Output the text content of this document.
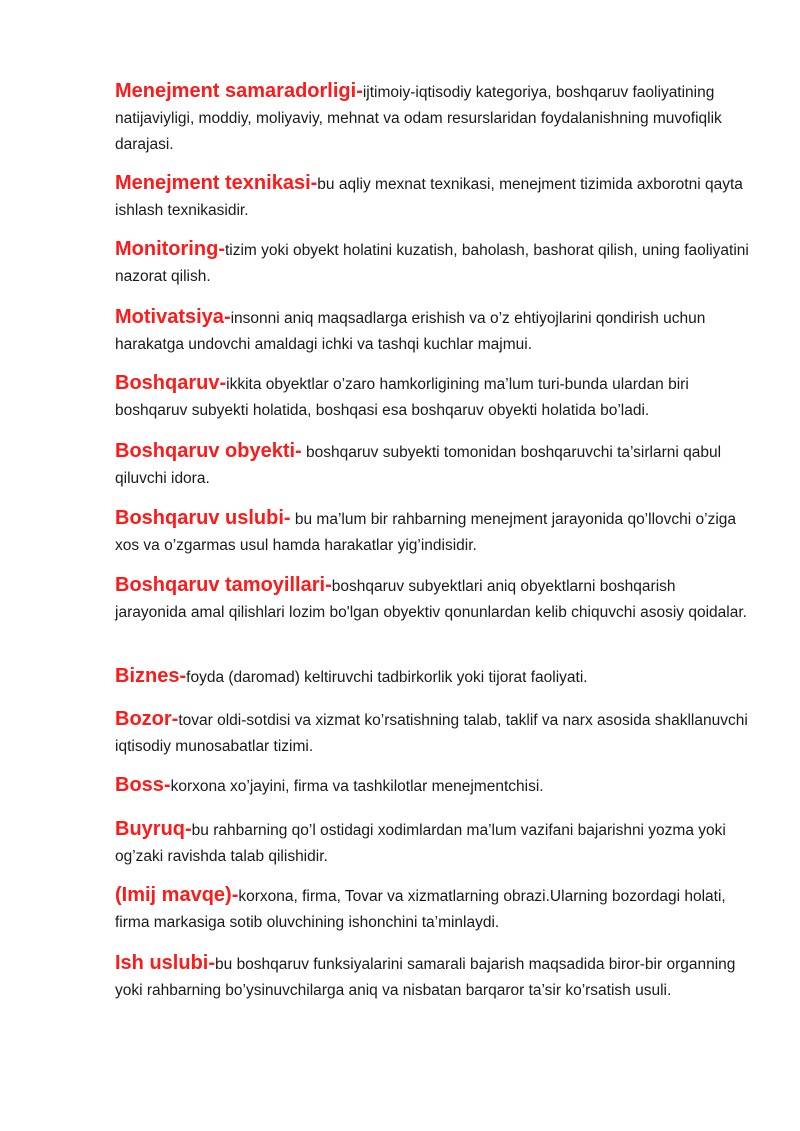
Menejment samaradorligi-ijtimoiy-iqtisodiy kategoriya, boshqaruv faoliyatining natijaviyligi, moddiy, moliyaviy, mehnat va odam resurslaridan foydalanishning muvofiqlik darajasi.

Menejment texnikasi-bu aqliy mexnat texnikasi, menejment tizimida axborotni qayta ishlash texnikasidir.

Monitoring-tizim yoki obyekt holatini kuzatish, baholash, bashorat qilish, uning faoliyatini nazorat qilish.

Motivatsiya-insonni aniq maqsadlarga erishish va o’z ehtiyojlarini qondirish uchun harakatga undovchi amaldagi ichki va tashqi kuchlar majmui.

Boshqaruv-ikkita obyektlar o’zaro hamkorligining ma’lum turi-bunda ulardan biri boshqaruv subyekti holatida, boshqasi esa boshqaruv obyekti holatida bo’ladi.

Boshqaruv obyekti- boshqaruv subyekti tomonidan boshqaruvchi ta’sirlarni qabul qiluvchi idora.

Boshqaruv uslubi- bu ma’lum bir rahbarning menejment jarayonida qo’llovchi o’ziga xos va o’zgarmas usul hamda harakatlar yig’indisidir.

Boshqaruv tamoyillari-boshqaruv subyektlari aniq obyektlarni boshqarish jarayonida amal qilishlari lozim bo'lgan obyektiv qonunlardan kelib chiquvchi asosiy qoidalar.

Biznes-foyda (daromad) keltiruvchi tadbirkorlik yoki tijorat faoliyati.

Bozor-tovar oldi-sotdisi va xizmat ko’rsatishning talab, taklif va narx asosida shakllanuvchi iqtisodiy munosabatlar tizimi.

Boss-korxona xo’jayini, firma va tashkilotlar menejmentchisi.

Buyruq-bu rahbarning qo’l ostidagi xodimlardan ma’lum vazifani bajarishni yozma yoki og’zaki ravishda talab qilishidir.

(Imij mavqe)-korxona, firma, Tovar va xizmatlarning obrazi.Ularning bozordagi holati, firma markasiga sotib oluvchining ishonchini ta’minlaydi.

Ish uslubi-bu boshqaruv funksiyalarini samarali bajarish maqsadida biror-bir organning yoki rahbarning bo’ysinuvchilarga aniq va nisbatan barqaror ta’sir ko’rsatish usuli.
